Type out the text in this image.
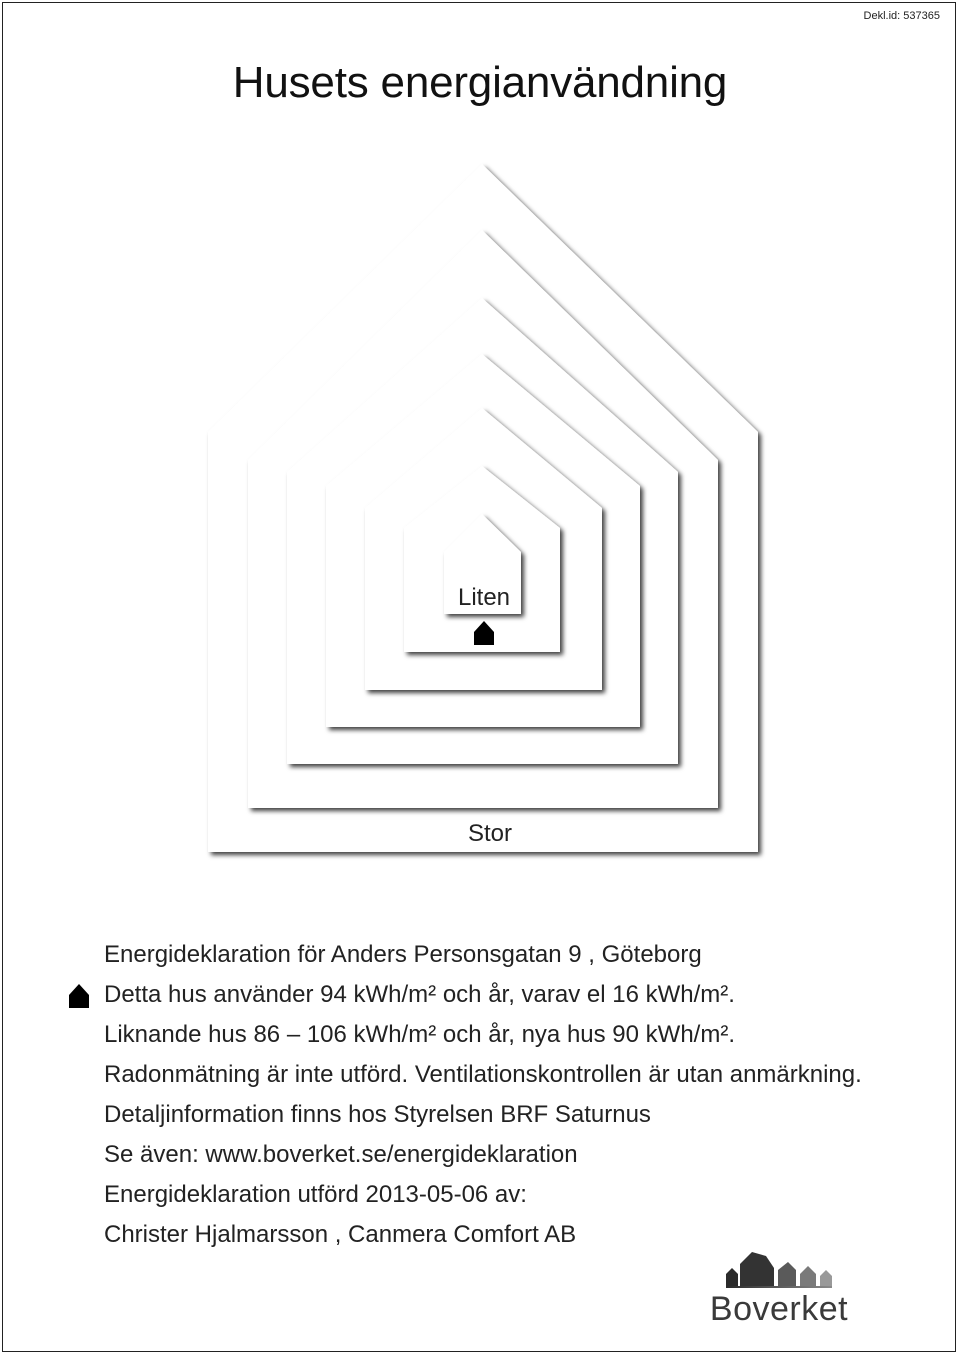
Dekl.id: 537365
Husets energianvändning
Liten
Stor
Energideklaration för Anders Personsgatan 9 , Göteborg
Detta hus använder 94 kWh/m² och år, varav el 16 kWh/m².
Liknande hus 86 – 106 kWh/m² och år, nya hus 90 kWh/m².
Radonmätning är inte utförd. Ventilationskontrollen är utan anmärkning.
Detaljinformation finns hos Styrelsen BRF Saturnus
Se även: www.boverket.se/energideklaration
Energideklaration utförd 2013-05-06 av:
Christer Hjalmarsson , Canmera Comfort AB
Boverket
